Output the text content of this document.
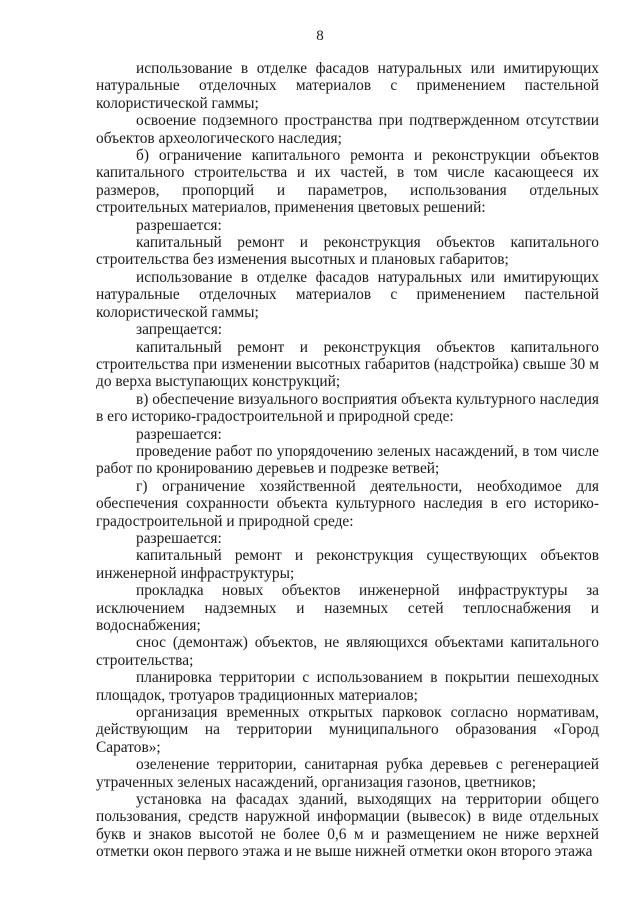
8

использование в отделке фасадов натуральных или имитирующих натуральные отделочных материалов с применением пастельной колористической гаммы;

освоение подземного пространства при подтвержденном отсутствии объектов археологического наследия;

б) ограничение капитального ремонта и реконструкции объектов капитального строительства и их частей, в том числе касающееся их размеров, пропорций и параметров, использования отдельных строительных материалов, применения цветовых решений:

разрешается:

капитальный ремонт и реконструкция объектов капитального строительства без изменения высотных и плановых габаритов;

использование в отделке фасадов натуральных или имитирующих натуральные отделочных материалов с применением пастельной колористической гаммы;

запрещается:

капитальный ремонт и реконструкция объектов капитального строительства при изменении высотных габаритов (надстройка) свыше 30 м до верха выступающих конструкций;

в) обеспечение визуального восприятия объекта культурного наследия в его историко-градостроительной и природной среде:

разрешается:

проведение работ по упорядочению зеленых насаждений, в том числе работ по кронированию деревьев и подрезке ветвей;

г) ограничение хозяйственной деятельности, необходимое для обеспечения сохранности объекта культурного наследия в его историко-градостроительной и природной среде:

разрешается:

капитальный ремонт и реконструкция существующих объектов инженерной инфраструктуры;

прокладка новых объектов инженерной инфраструктуры за исключением надземных и наземных сетей теплоснабжения и водоснабжения;

снос (демонтаж) объектов, не являющихся объектами капитального строительства;

планировка территории с использованием в покрытии пешеходных площадок, тротуаров традиционных материалов;

организация временных открытых парковок согласно нормативам, действующим на территории муниципального образования «Город Саратов»;

озеленение территории, санитарная рубка деревьев с регенерацией утраченных зеленых насаждений, организация газонов, цветников;

установка на фасадах зданий, выходящих на территории общего пользования, средств наружной информации (вывесок) в виде отдельных букв и знаков высотой не более 0,6 м и размещением не ниже верхней отметки окон первого этажа и не выше нижней отметки окон второго этажа
